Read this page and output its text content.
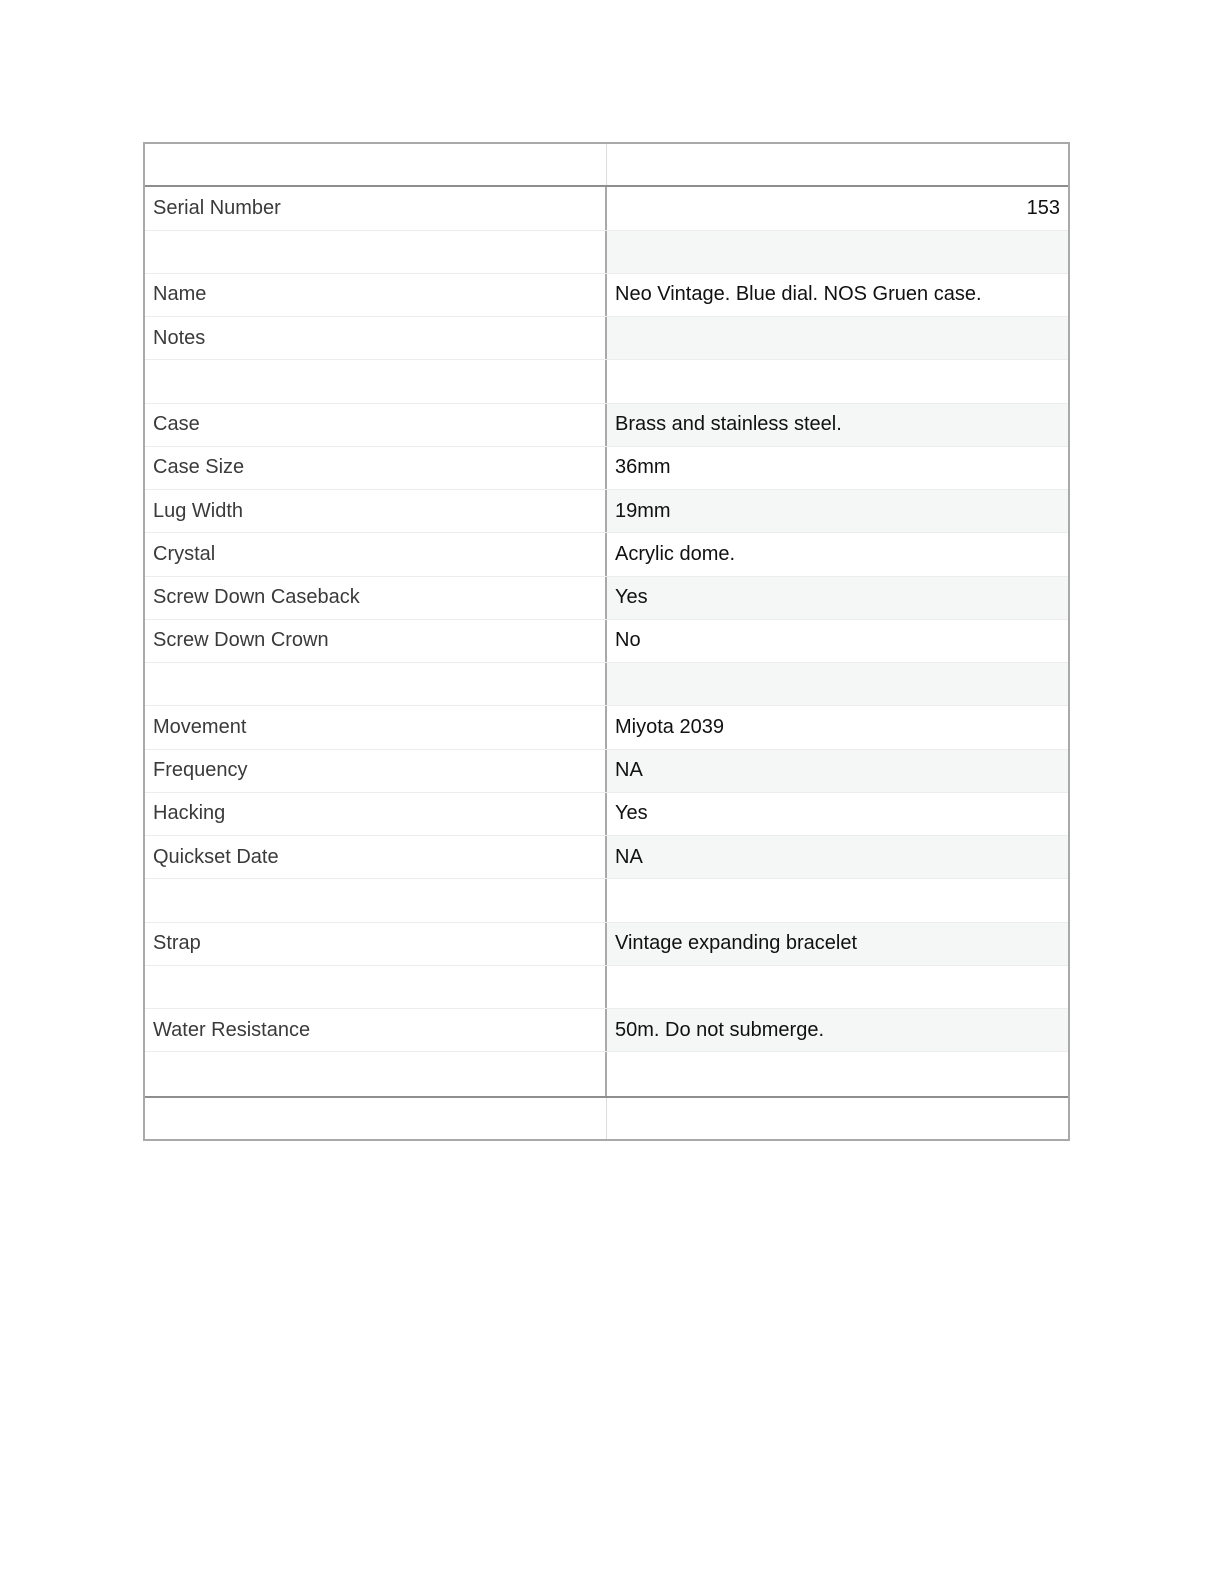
Serial Number	153
Name	Neo Vintage. Blue dial. NOS Gruen case.
Notes
Case	Brass and stainless steel.
Case Size	36mm
Lug Width	19mm
Crystal	Acrylic dome.
Screw Down Caseback	Yes
Screw Down Crown	No
Movement	Miyota 2039
Frequency	NA
Hacking	Yes
Quickset Date	NA
Strap	Vintage expanding bracelet
Water Resistance	50m. Do not submerge.
